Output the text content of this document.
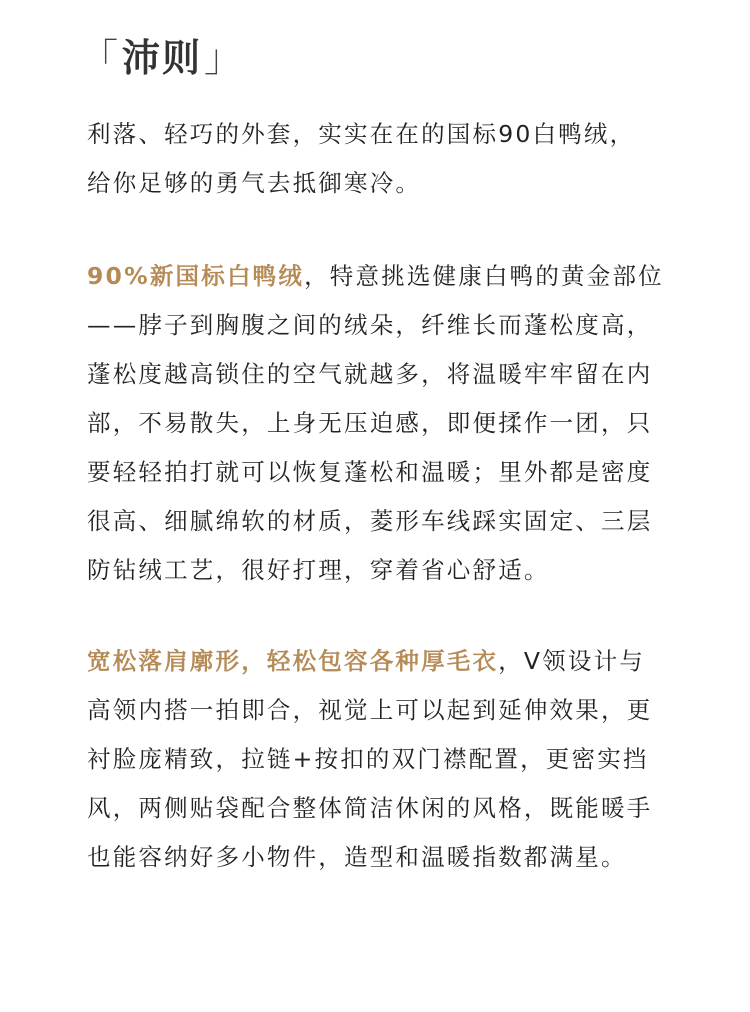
「 沛则 」

利落、轻巧的外套，实实在在的国标90白鸭绒，
给你足够的勇气去抵御寒冷。

90%新国标白鸭绒，特意挑选健康白鸭的黄金部位
——脖子到胸腹之间的绒朵，纤维长而蓬松度高，
蓬松度越高锁住的空气就越多，将温暖牢牢留在内
部，不易散失，上身无压迫感，即便揉作一团，只
要轻轻拍打就可以恢复蓬松和温暖；里外都是密度
很高、细腻绵软的材质，菱形车线踩实固定、三层
防钻绒工艺，很好打理，穿着省心舒适。

宽松落肩廓形，轻松包容各种厚毛衣，V领设计与
高领内搭一拍即合，视觉上可以起到延伸效果，更
衬脸庞精致，拉链+按扣的双门襟配置，更密实挡
风，两侧贴袋配合整体简洁休闲的风格，既能暖手
也能容纳好多小物件，造型和温暖指数都满星。
